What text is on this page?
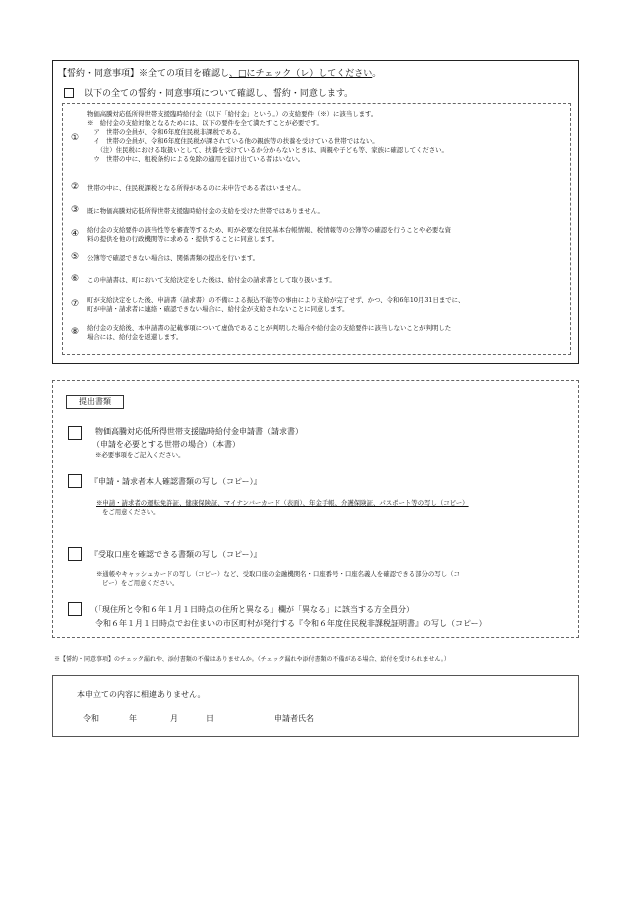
【誓約・同意事項】※全ての項目を確認し、□にチェック（レ）してください。
以下の全ての誓約・同意事項について確認し、誓約・同意します。
①
物価高騰対応低所得世帯支援臨時給付金（以下「給付金」という。）の支給要件（※）に該当します。
※　給付金の支給対象となるためには、以下の要件を全て満たすことが必要です。
　ア　世帯の全員が、令和6年度住民税非課税である。
　イ　世帯の全員が、令和6年度住民税が課されている他の親族等の扶養を受けている世帯ではない。
　　（注）住民税における取扱いとして、扶養を受けているか分からないときは、両親や子ども等、家族に確認してください。
　ウ　世帯の中に、租税条約による免除の適用を届け出ている者はいない。
②	世帯の中に、住民税課税となる所得があるのに未申告である者はいません。
③	既に物価高騰対応低所得世帯支援臨時給付金の支給を受けた世帯ではありません。
④	給付金の支給要件の該当性等を審査等するため、町が必要な住民基本台帳情報、税情報等の公簿等の確認を行うことや必要な資
料の提供を他の行政機関等に求める・提供することに同意します。
⑤	公簿等で確認できない場合は、関係書類の提出を行います。
⑥	この申請書は、町において支給決定をした後は、給付金の請求書として取り扱います。
⑦	町が支給決定をした後、申請書（請求書）の不備による振込不能等の事由により支給が完了せず、かつ、令和6年10月31日までに、
町が申請・請求者に連絡・確認できない場合に、給付金が支給されないことに同意します。
⑧	給付金の支給後、本申請書の記載事項について虚偽であることが判明した場合や給付金の支給要件に該当しないことが判明した
場合には、給付金を返還します。
提出書類
物価高騰対応低所得世帯支援臨時給付金申請書（請求書）
（申請を必要とする世帯の場合）（本書）
※必要事項をご記入ください。
『申請・請求者本人確認書類の写し（コピー）』
※申請・請求者の運転免許証、健康保険証、マイナンバーカード（表面）、年金手帳、介護保険証、パスポート等の写し（コピー）
をご用意ください。
『受取口座を確認できる書類の写し（コピー）』
※通帳やキャッシュカードの写し（コピー）など、受取口座の金融機関名・口座番号・口座名義人を確認できる部分の写し（コ
ピー）をご用意ください。
（「現住所と令和６年１月１日時点の住所と異なる」欄が「異なる」に該当する方全員分）
令和６年１月１日時点でお住まいの市区町村が発行する『令和６年度住民税非課税証明書』の写し（コピー）
※【誓約・同意事項】のチェック漏れや、添付書類の不備はありませんか。（チェック漏れや添付書類の不備がある場合、給付を受けられません。）
本申立ての内容に相違ありません。
令和	年	月	日	申請者氏名
